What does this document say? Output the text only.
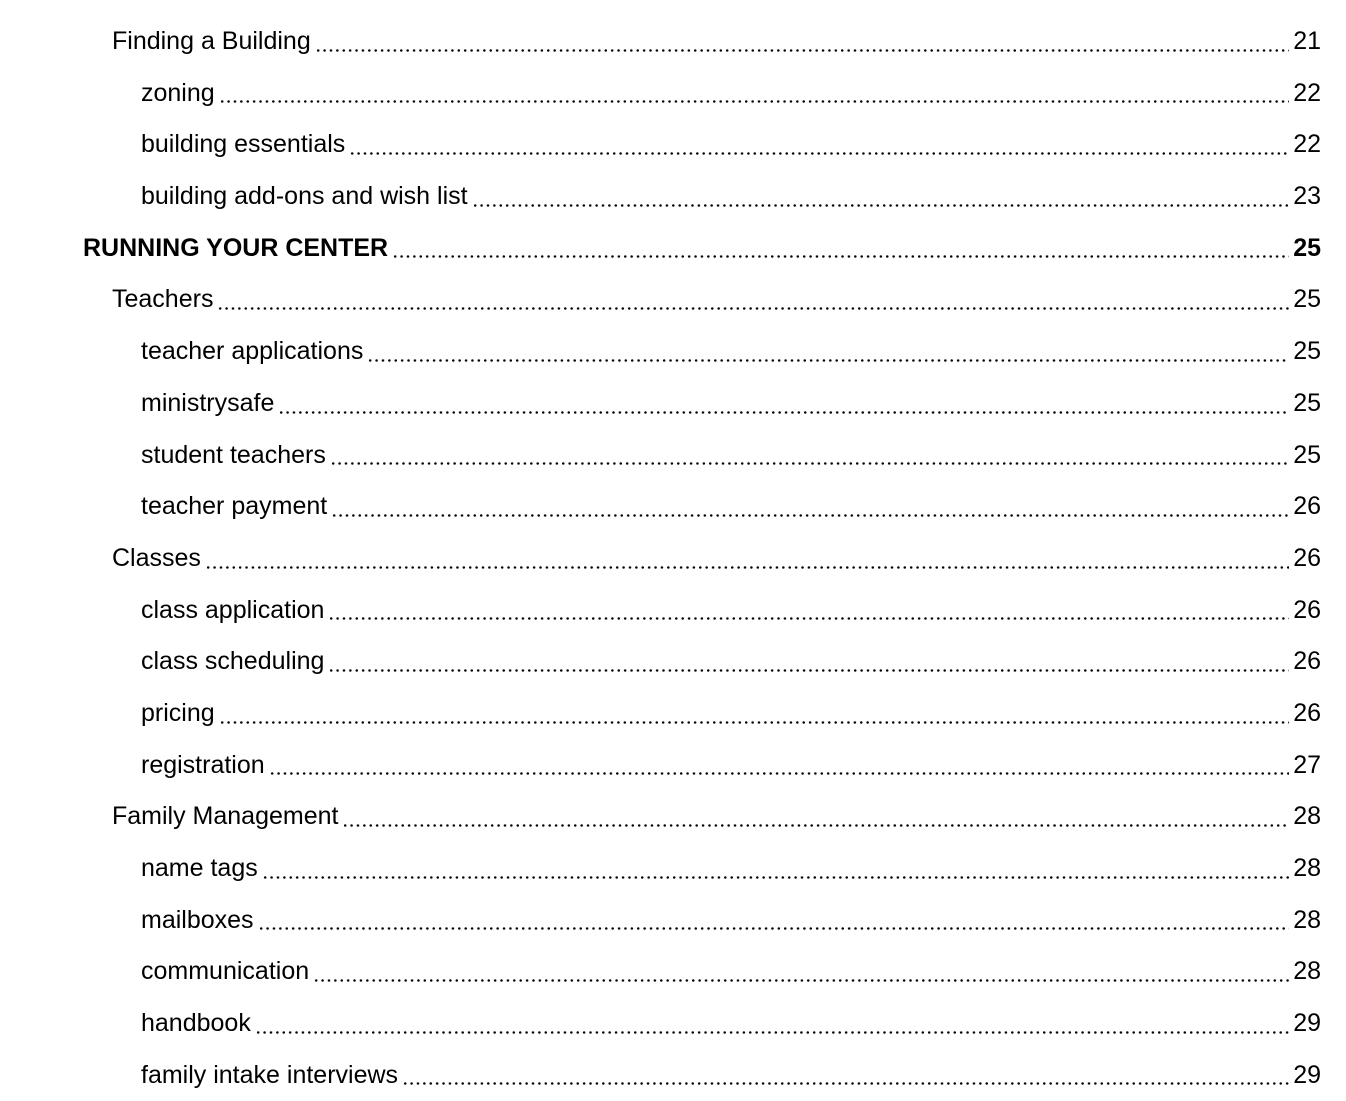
Finding a Building	21
zoning	22
building essentials	22
building add-ons and wish list	23
RUNNING YOUR CENTER	25
Teachers	25
teacher applications	25
ministrysafe	25
student teachers	25
teacher payment	26
Classes	26
class application	26
class scheduling	26
pricing	26
registration	27
Family Management	28
name tags	28
mailboxes	28
communication	28
handbook	29
family intake interviews	29
